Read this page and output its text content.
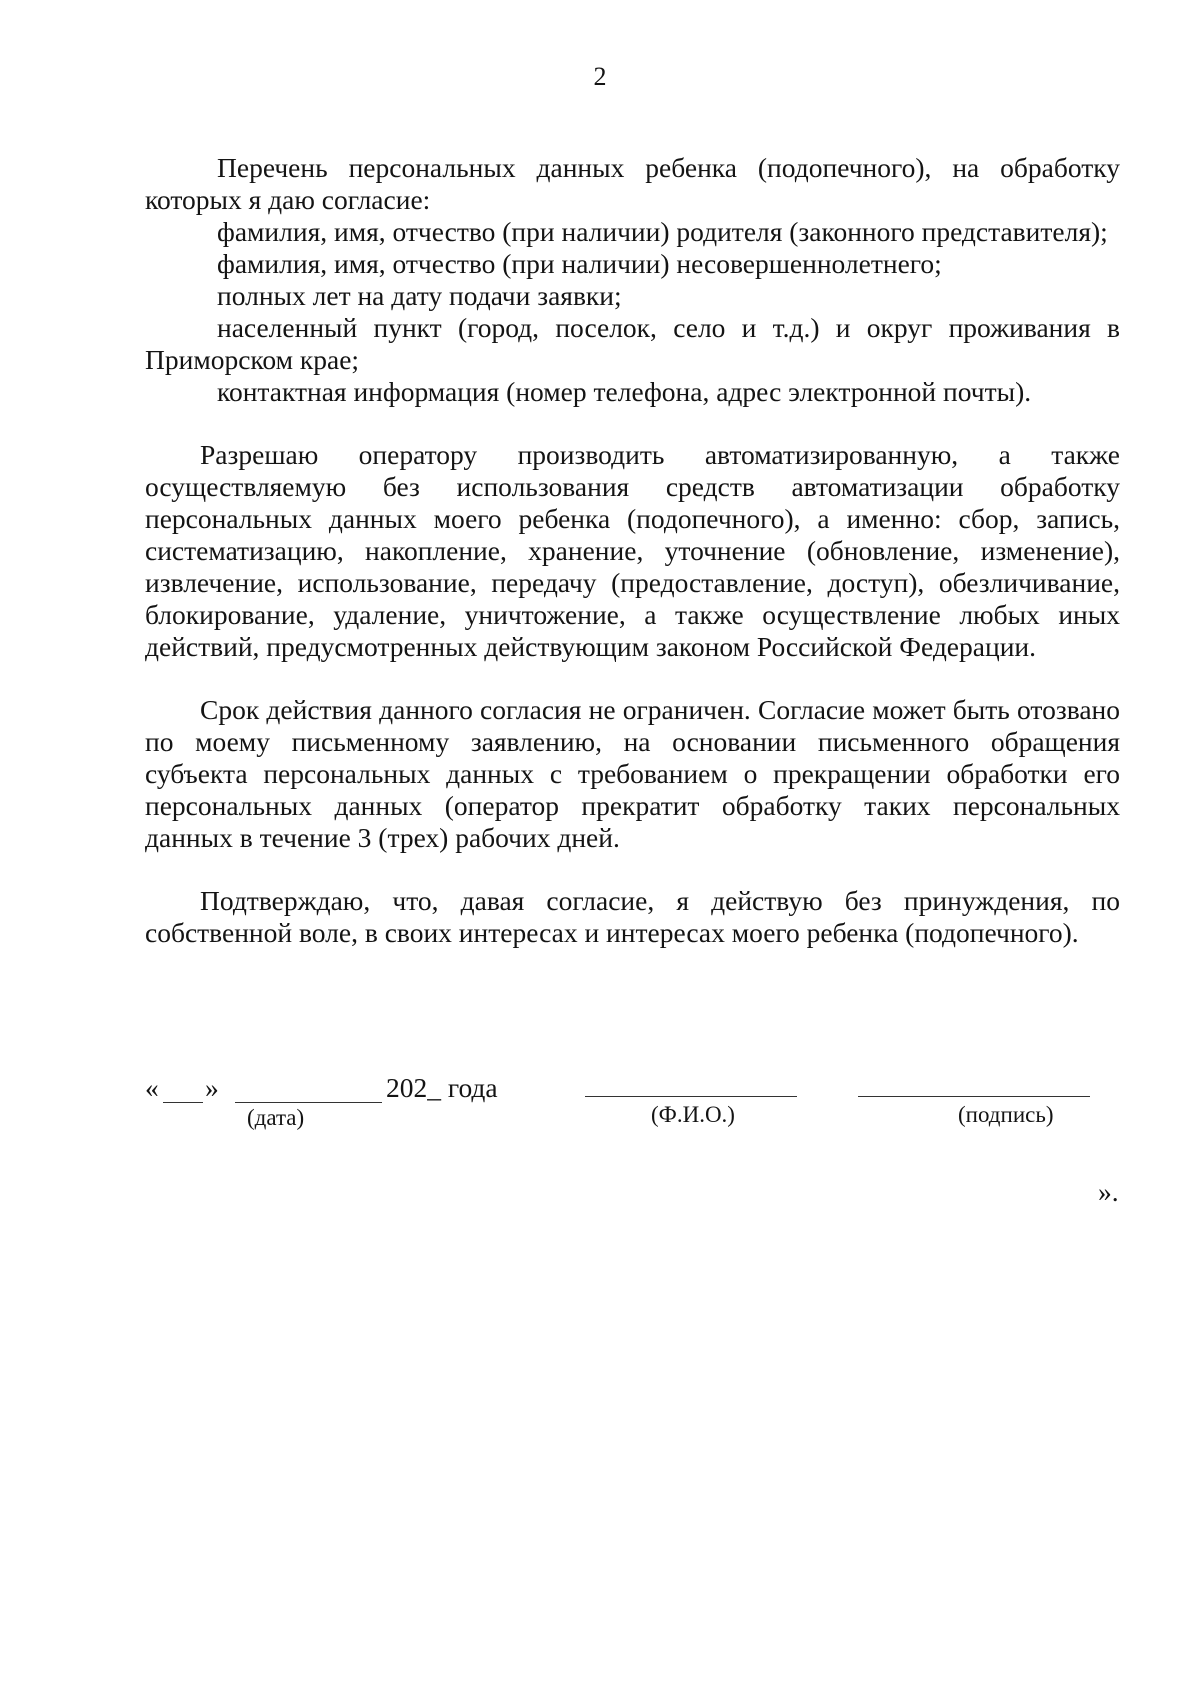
2

Перечень персональных данных ребенка (подопечного), на обработку которых я даю согласие:

фамилия, имя, отчество (при наличии) родителя (законного представителя);

фамилия, имя, отчество (при наличии) несовершеннолетнего;

полных лет на дату подачи заявки;

населенный пункт (город, поселок, село и т.д.) и округ проживания в Приморском крае;

контактная информация (номер телефона, адрес электронной почты).

Разрешаю оператору производить автоматизированную, а также осуществляемую без использования средств автоматизации обработку персональных данных моего ребенка (подопечного), а именно: сбор, запись, систематизацию, накопление, хранение, уточнение (обновление, изменение), извлечение, использование, передачу (предоставление, доступ), обезличивание, блокирование, удаление, уничтожение, а также осуществление любых иных действий, предусмотренных действующим законом Российской Федерации.

Срок действия данного согласия не ограничен. Согласие может быть отозвано по моему письменному заявлению, на основании письменного обращения субъекта персональных данных с требованием о прекращении обработки его персональных данных (оператор прекратит обработку таких персональных данных в течение 3 (трех) рабочих дней.

Подтверждаю, что, давая согласие, я действую без принуждения, по собственной воле, в своих интересах и интересах моего ребенка (подопечного).

« »	202_ года
(дата)	(Ф.И.О.)	(подпись)
».
